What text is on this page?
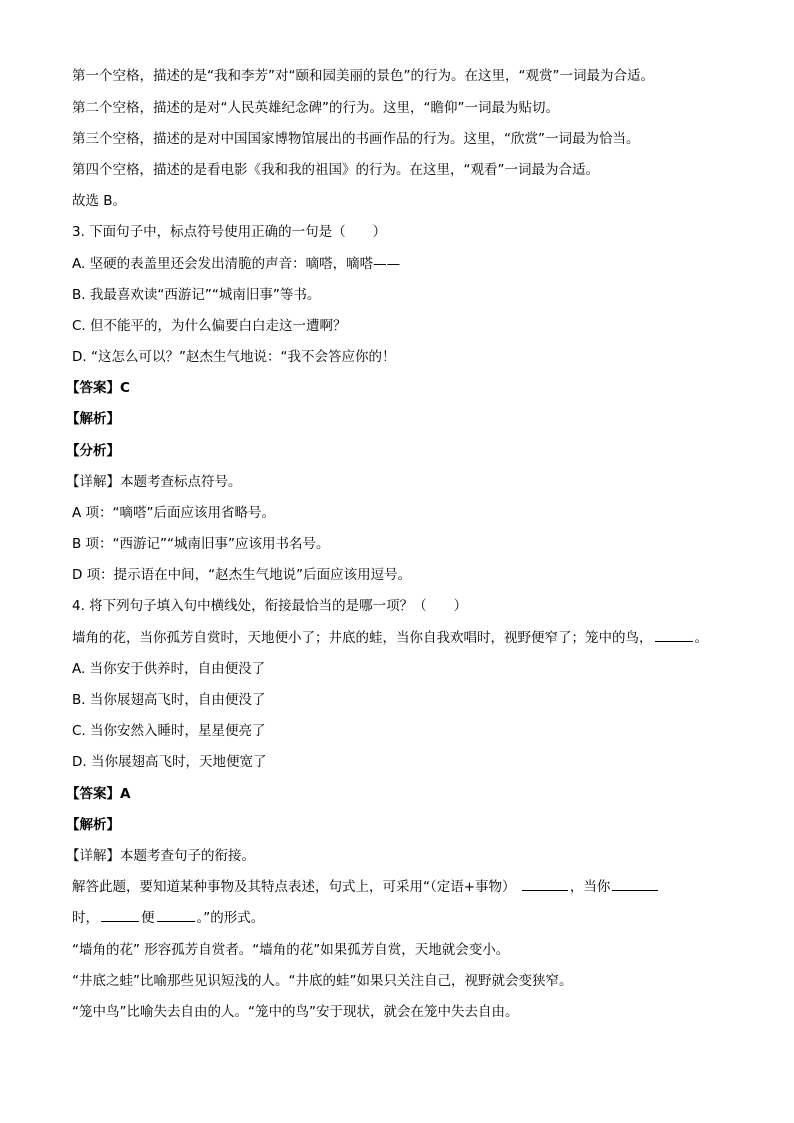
第一个空格，描述的是“我和李芳”对“颐和园美丽的景色”的行为。在这里，“观赏”一词最为合适。
第二个空格，描述的是对“人民英雄纪念碑”的行为。这里，“瞻仰”一词最为贴切。
第三个空格，描述的是对中国国家博物馆展出的书画作品的行为。这里，“欣赏”一词最为恰当。
第四个空格，描述的是看电影《我和我的祖国》的行为。在这里，“观看”一词最为合适。
故选 B。
3. 下面句子中，标点符号使用正确的一句是（　　）
A. 坚硬的表盖里还会发出清脆的声音：嘀嗒，嘀嗒——
B. 我最喜欢读“西游记”“城南旧事”等书。
C. 但不能平的，为什么偏要白白走这一遭啊？
D. “这怎么可以？”赵杰生气地说：“我不会答应你的！
【答案】C
【解析】
【分析】
【详解】本题考查标点符号。
A 项：“嘀嗒”后面应该用省略号。
B 项：“西游记”“城南旧事”应该用书名号。
D 项：提示语在中间，“赵杰生气地说”后面应该用逗号。
4. 将下列句子填入句中横线处，衔接最恰当的是哪一项？（　　）
墙角的花，当你孤芳自赏时，天地便小了；井底的蛙，当你自我欢唱时，视野便窄了；笼中的鸟，	。
A. 当你安于供养时，自由便没了
B. 当你展翅高飞时，自由便没了
C. 当你安然入睡时，星星便亮了
D. 当你展翅高飞时，天地便宽了
【答案】A
【解析】
【详解】本题考查句子的衔接。
解答此题，要知道某种事物及其特点表述，句式上，可采用“（定语+事物）	，当你
时，	便	。”的形式。
“墙角的花” 形容孤芳自赏者。“墙角的花”如果孤芳自赏，天地就会变小。
“井底之蛙”比喻那些见识短浅的人。“井底的蛙”如果只关注自己，视野就会变狭窄。
“笼中鸟”比喻失去自由的人。“笼中的鸟”安于现状，就会在笼中失去自由。
